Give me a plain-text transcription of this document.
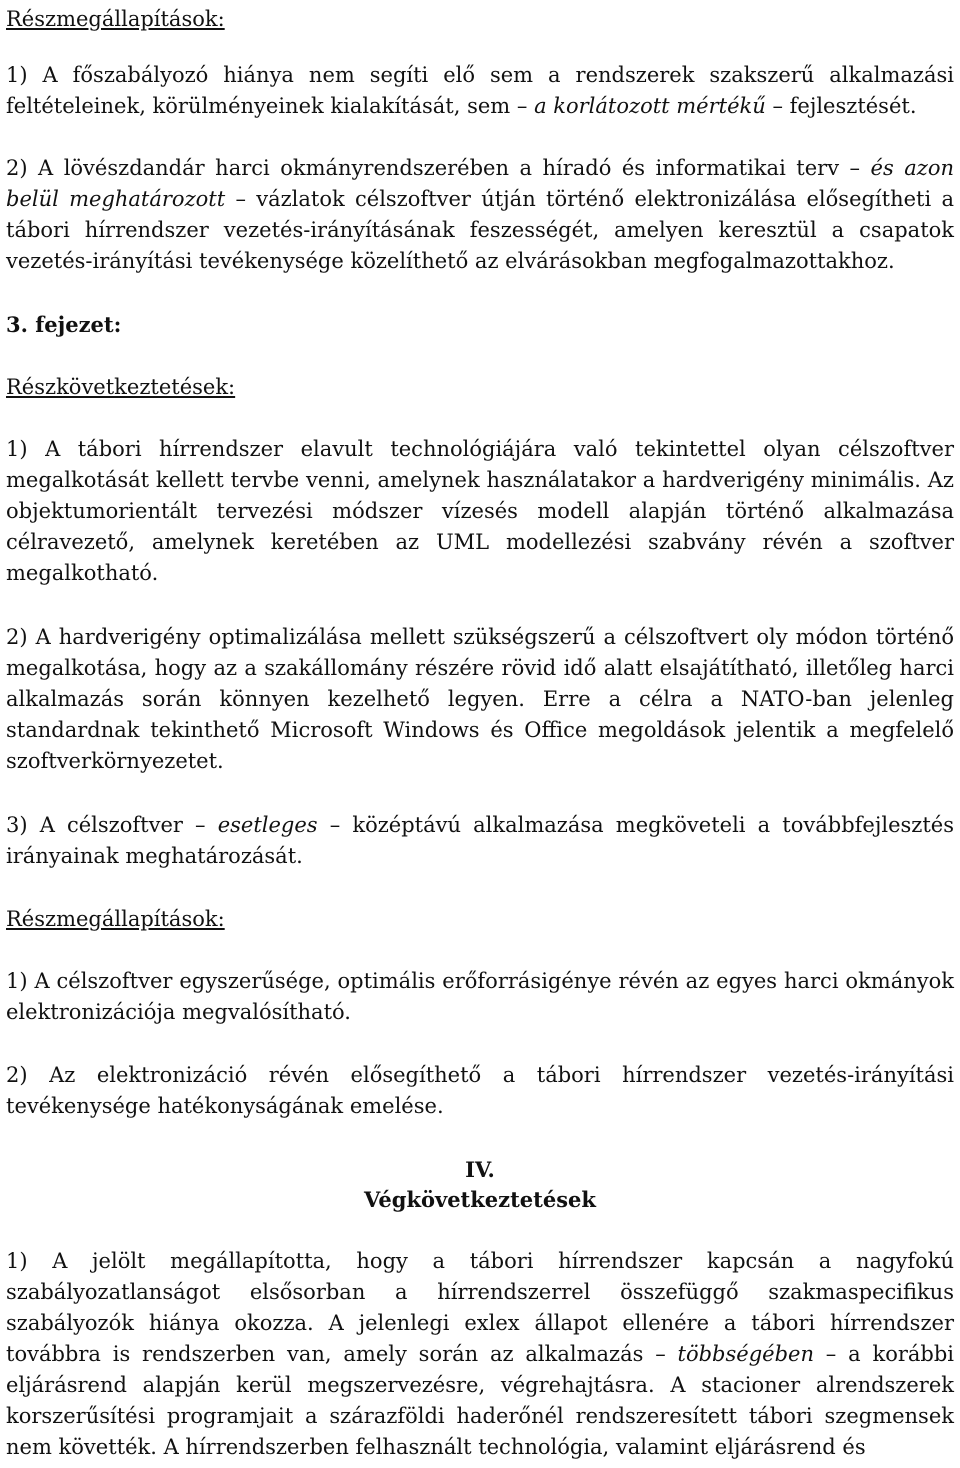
Részmegállapítások:
1) A főszabályozó hiánya nem segíti elő sem a rendszerek szakszerű alkalmazási feltételeinek, körülményeinek kialakítását, sem – a korlátozott mértékű – fejlesztését.
2) A lövészdandár harci okmányrendszerében a híradó és informatikai terv – és azon belül meghatározott – vázlatok célszoftver útján történő elektronizálása elősegítheti a tábori hírrendszer vezetés-irányításának feszességét, amelyen keresztül a csapatok vezetés-irányítási tevékenysége közelíthető az elvárásokban megfogalmazottakhoz.
3. fejezet:
Részkövetkeztetések:
1) A tábori hírrendszer elavult technológiájára való tekintettel olyan célszoftver megalkotását kellett tervbe venni, amelynek használatakor a hardverigény minimális. Az objektumorientált tervezési módszer vízesés modell alapján történő alkalmazása célravezető, amelynek keretében az UML modellezési szabvány révén a szoftver megalkotható.
2) A hardverigény optimalizálása mellett szükségszerű a célszoftvert oly módon történő megalkotása, hogy az a szakállomány részére rövid idő alatt elsajátítható, illetőleg harci alkalmazás során könnyen kezelhető legyen. Erre a célra a NATO-ban jelenleg standardnak tekinthető Microsoft Windows és Office megoldások jelentik a megfelelő szoftverkörnyezetet.
3) A célszoftver – esetleges – középtávú alkalmazása megköveteli a továbbfejlesztés irányainak meghatározását.
Részmegállapítások:
1) A célszoftver egyszerűsége, optimális erőforrásigénye révén az egyes harci okmányok elektronizációja megvalósítható.
2) Az elektronizáció révén elősegíthető a tábori hírrendszer vezetés-irányítási tevékenysége hatékonyságának emelése.
IV.
Végkövetkeztetések
1) A jelölt megállapította, hogy a tábori hírrendszer kapcsán a nagyfokú szabályozatlanságot elsősorban a hírrendszerrel összefüggő szakmaspecifikus szabályozók hiánya okozza. A jelenlegi exlex állapot ellenére a tábori hírrendszer továbbra is rendszerben van, amely során az alkalmazás – többségében – a korábbi eljárásrend alapján kerül megszervezésre, végrehajtásra. A stacioner alrendszerek korszerűsítési programjait a szárazföldi haderőnél rendszeresített tábori szegmensek nem követték. A hírrendszerben felhasznált technológia, valamint eljárásrend és
